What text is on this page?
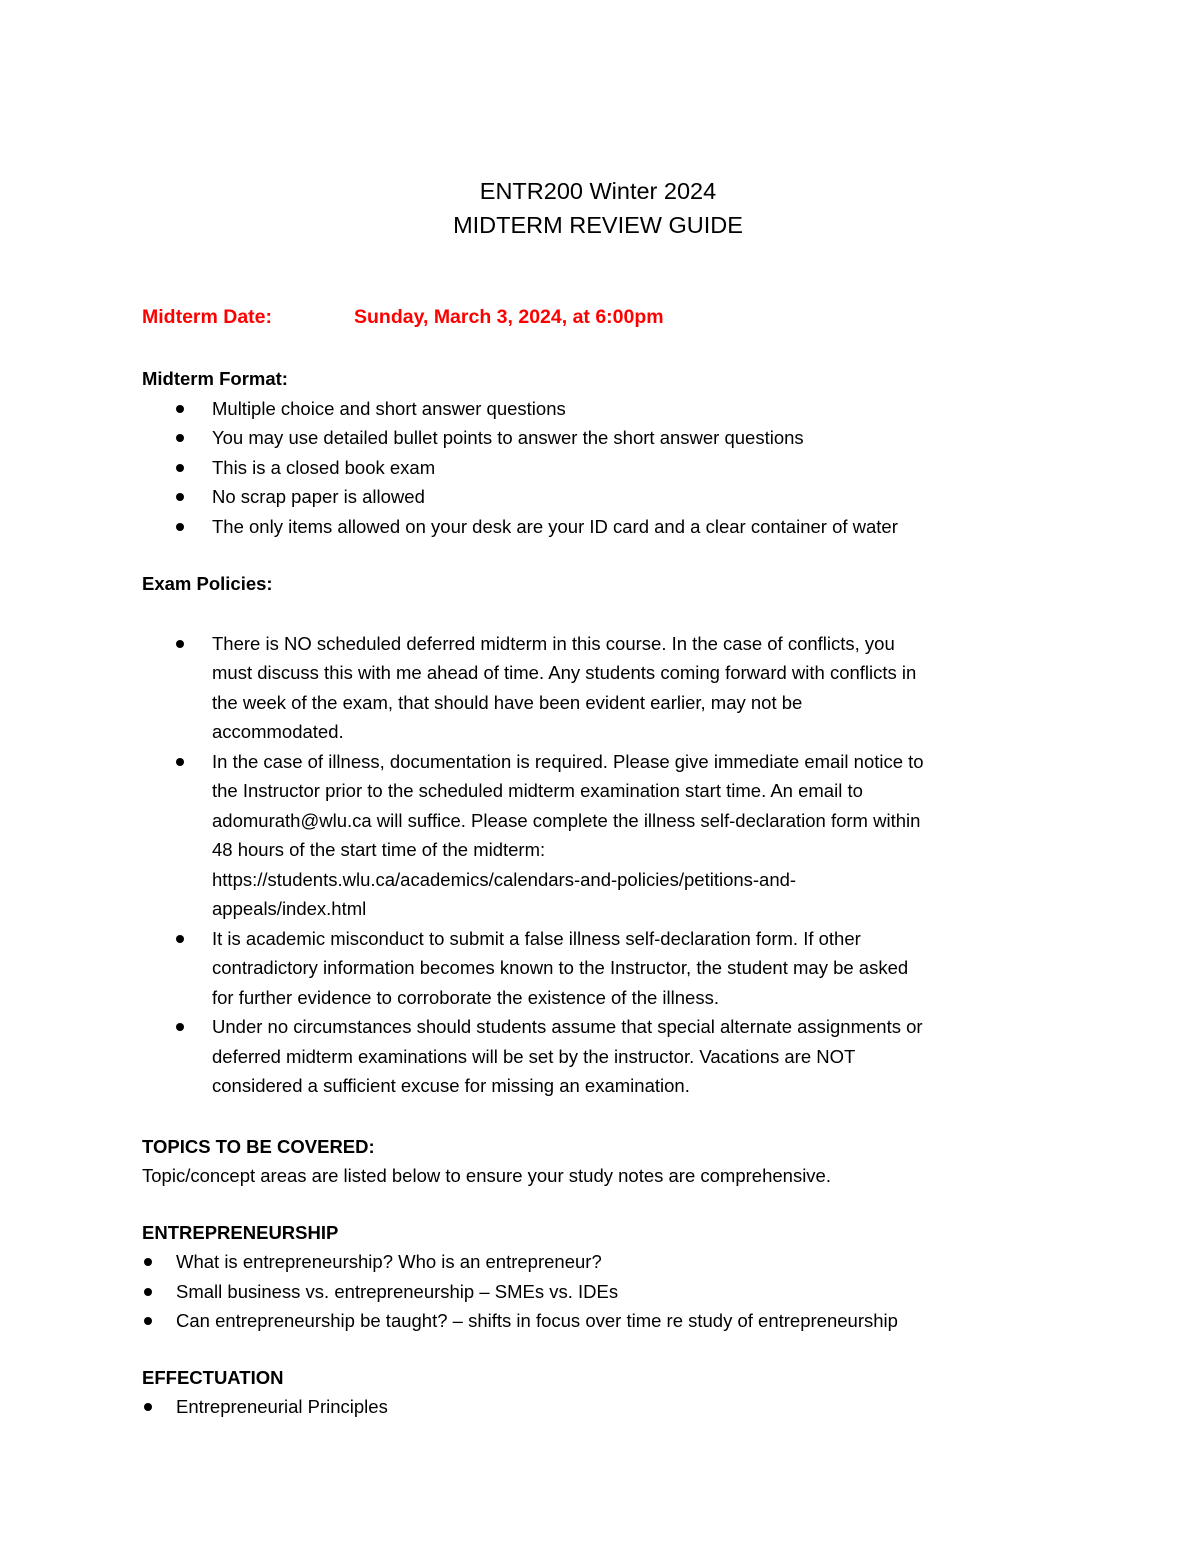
ENTR200 Winter 2024

MIDTERM REVIEW GUIDE

Midterm Date:	Sunday, March 3, 2024, at 6:00pm

Midterm Format:

Multiple choice and short answer questions
You may use detailed bullet points to answer the short answer questions
This is a closed book exam
No scrap paper is allowed
The only items allowed on your desk are your ID card and a clear container of water

Exam Policies:

There is NO scheduled deferred midterm in this course. In the case of conflicts, you
must discuss this with me ahead of time. Any students coming forward with conflicts in
the week of the exam, that should have been evident earlier, may not be
accommodated.
In the case of illness, documentation is required. Please give immediate email notice to
the Instructor prior to the scheduled midterm examination start time. An email to
adomurath@wlu.ca will suffice. Please complete the illness self-declaration form within
48 hours of the start time of the midterm:
https://students.wlu.ca/academics/calendars-and-policies/petitions-and-
appeals/index.html
It is academic misconduct to submit a false illness self-declaration form. If other
contradictory information becomes known to the Instructor, the student may be asked
for further evidence to corroborate the existence of the illness.
Under no circumstances should students assume that special alternate assignments or
deferred midterm examinations will be set by the instructor. Vacations are NOT
considered a sufficient excuse for missing an examination.

TOPICS TO BE COVERED:

Topic/concept areas are listed below to ensure your study notes are comprehensive.

ENTREPRENEURSHIP

What is entrepreneurship? Who is an entrepreneur?
Small business vs. entrepreneurship – SMEs vs. IDEs
Can entrepreneurship be taught? – shifts in focus over time re study of entrepreneurship

EFFECTUATION

Entrepreneurial Principles
